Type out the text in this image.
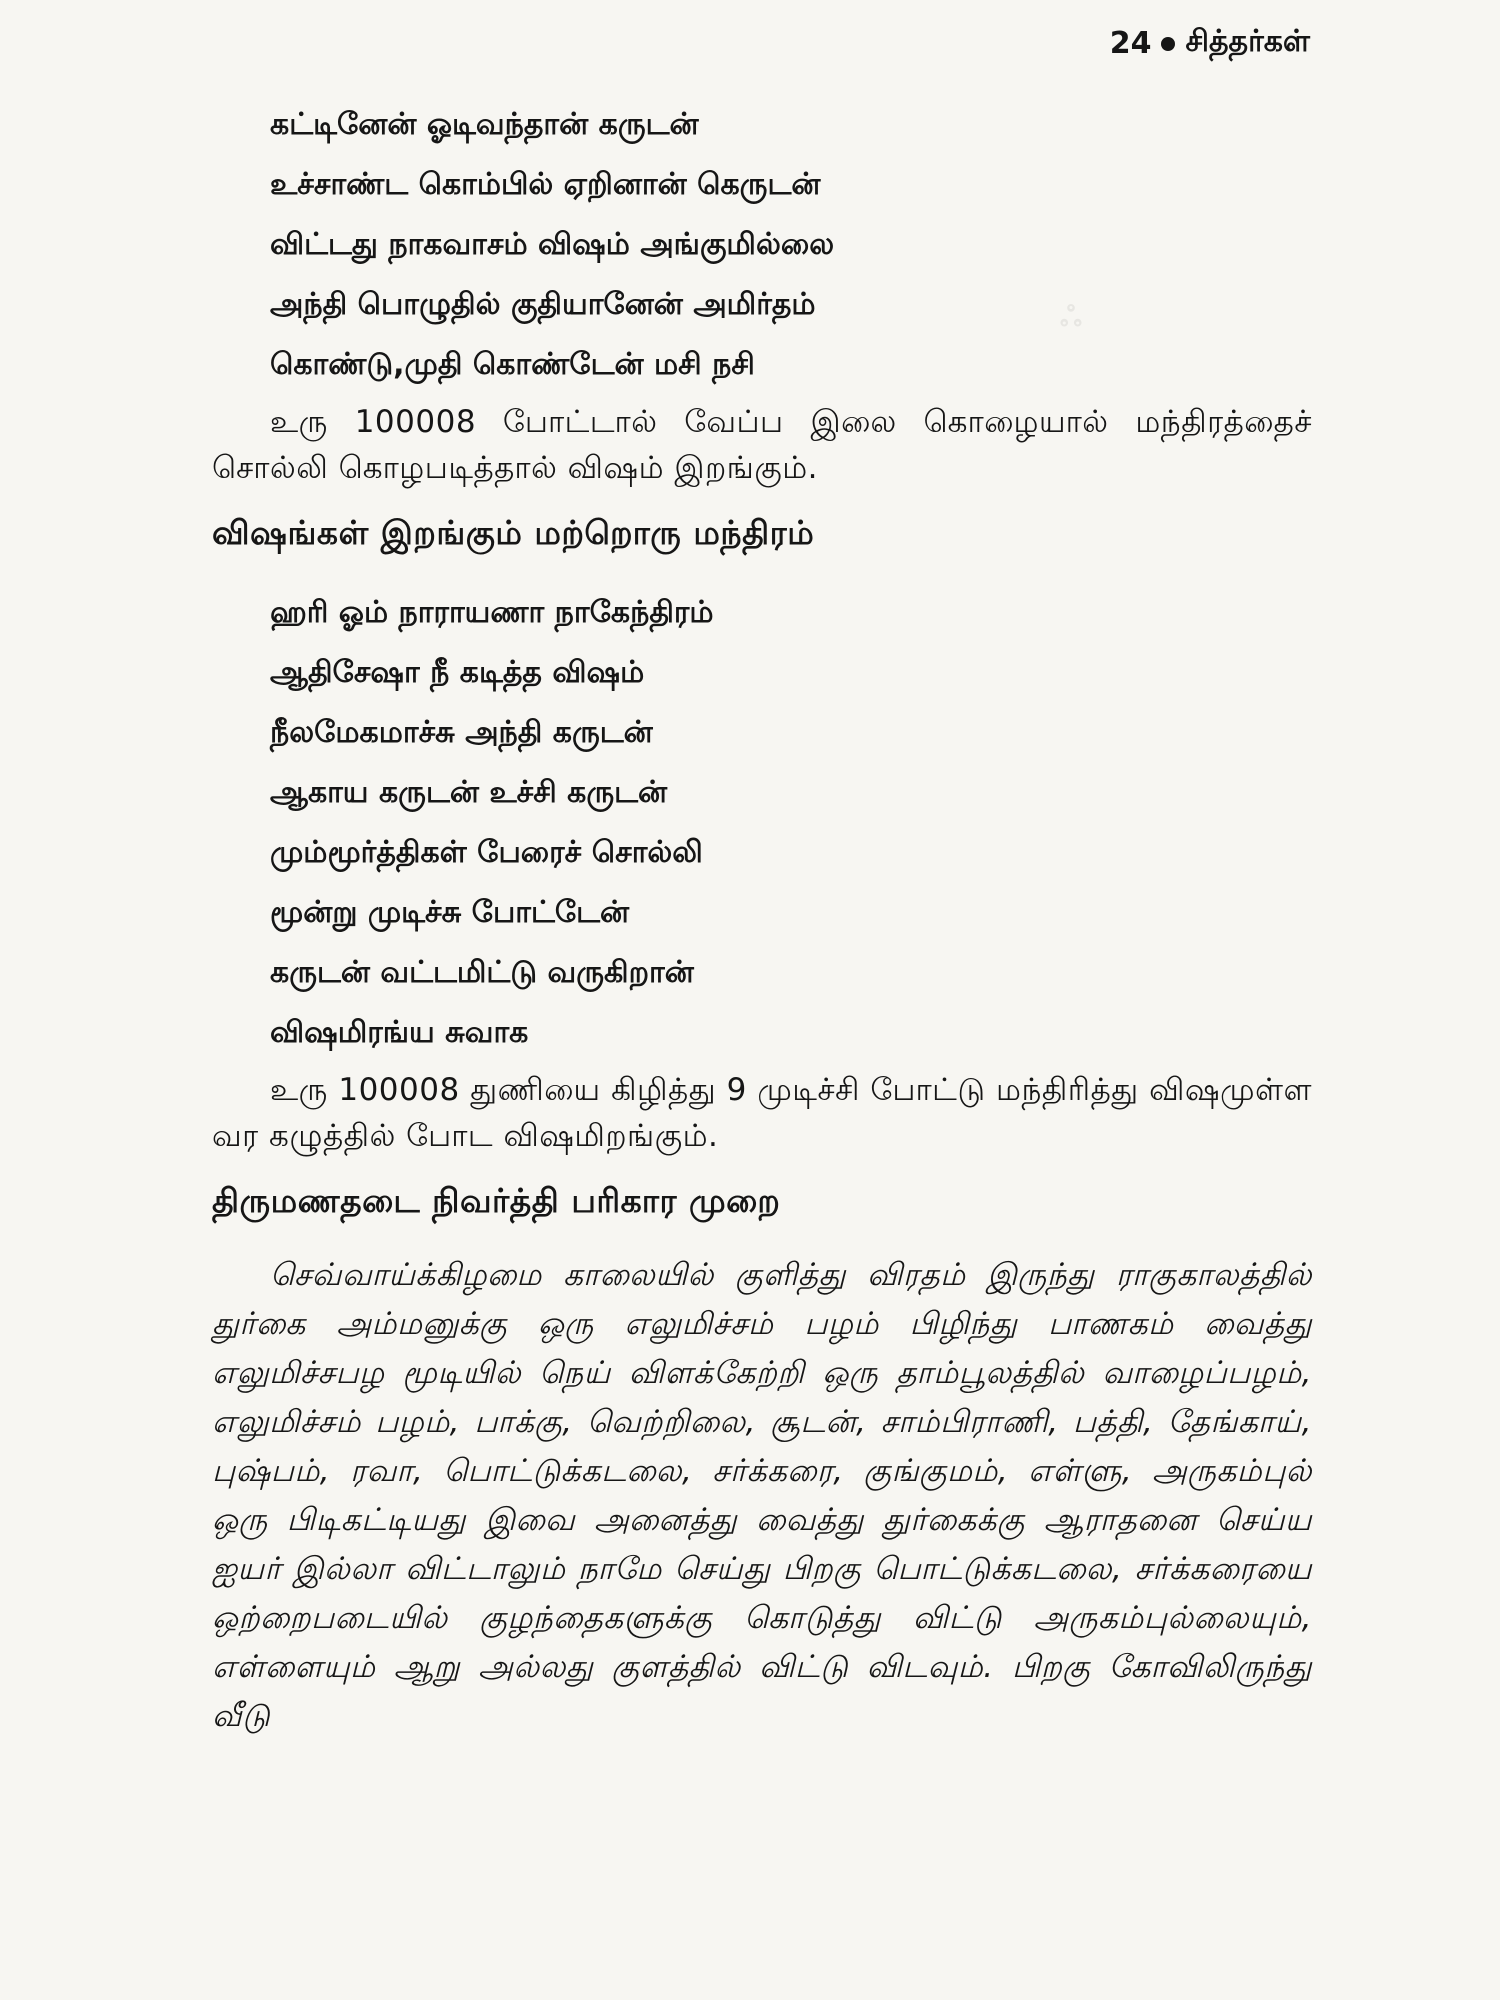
ஃ
24 சித்தர்கள்
கட்டினேன் ஓடிவந்தான் கருடன்
உச்சாண்ட கொம்பில் ஏறினான் கெருடன்
விட்டது நாகவாசம் விஷம் அங்குமில்லை
அந்தி பொழுதில் குதியானேன் அமிர்தம்
கொண்டு,முதி கொண்டேன் மசி நசி

உரு 100008 போட்டால் வேப்ப இலை கொழையால் மந்திரத்தைச் சொல்லி கொழபடித்தால் விஷம் இறங்கும்.

விஷங்கள் இறங்கும் மற்றொரு மந்திரம்
ஹரி ஓம் நாராயணா நாகேந்திரம்
ஆதிசேஷா நீ கடித்த விஷம்
நீலமேகமாச்சு அந்தி கருடன்
ஆகாய கருடன் உச்சி கருடன்
மும்மூர்த்திகள் பேரைச் சொல்லி
மூன்று முடிச்சு போட்டேன்
கருடன் வட்டமிட்டு வருகிறான்
விஷமிரங்ய சுவாக

உரு 100008 துணியை கிழித்து 9 முடிச்சி போட்டு மந்திரித்து விஷமுள்ள வர கழுத்தில் போட விஷமிறங்கும்.

திருமணதடை நிவர்த்தி பரிகார முறை

செவ்வாய்க்கிழமை காலையில் குளித்து விரதம் இருந்து ராகுகாலத்தில் துர்கை அம்மனுக்கு ஒரு எலுமிச்சம் பழம் பிழிந்து பாணகம் வைத்து எலுமிச்சபழ மூடியில் நெய் விளக்கேற்றி ஒரு தாம்பூலத்தில் வாழைப்பழம், எலுமிச்சம் பழம், பாக்கு, வெற்றிலை, சூடன், சாம்பிராணி, பத்தி, தேங்காய், புஷ்பம், ரவா, பொட்டுக்கடலை, சர்க்கரை, குங்குமம், எள்ளு, அருகம்புல் ஒரு பிடிகட்டியது இவை அனைத்து வைத்து துர்கைக்கு ஆராதனை செய்ய ஐயர் இல்லா விட்டாலும் நாமே செய்து பிறகு பொட்டுக்கடலை, சர்க்கரையை ஒற்றைபடையில் குழந்தைகளுக்கு கொடுத்து விட்டு அருகம்புல்லையும், எள்ளையும் ஆறு அல்லது குளத்தில் விட்டு விடவும். பிறகு கோவிலிருந்து வீடு
